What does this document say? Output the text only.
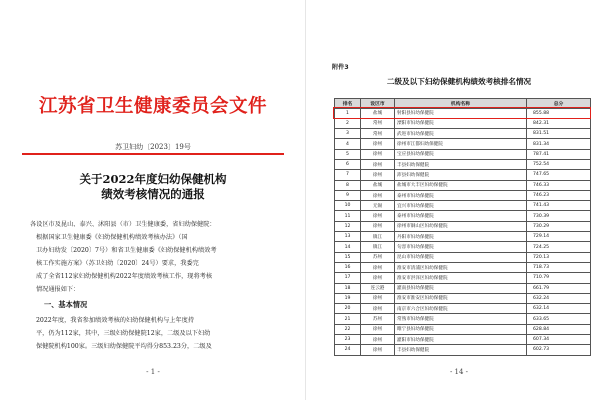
江苏省卫生健康委员会文件
苏卫妇幼〔2023〕19号
关于2022年度妇幼保健机构
绩效考核情况的通报
各设区市及昆山、泰兴、沭阳县（市）卫生健康委，省妇幼保健院：
根据国家卫生健康委《妇幼保健机构绩效考核办法》（国
卫办妇幼发〔2020〕7号）和省卫生健康委《妇幼保健机构绩效考
核工作实施方案》（苏卫妇幼〔2020〕24号）要求，我委完
成了全省112家妇幼保健机构2022年度绩效考核工作，现将考核
情况通报如下：
一、基本情况
2022年度，我省参加绩效考核的妇幼保健机构与上年度持
平，仍为112家，其中，三级妇幼保健院12家，二级及以下妇幼
保健院机构100家。三级妇幼保健院平均得分853.23分，二级及
- 1 -
附件3
二级及以下妇幼保健机构绩效考核排名情况
排名	设区市	机构名称	总分
1	盐城	射阳县妇幼保健院	855.88
2	常州	溧阳市妇幼保健院	842.31
3	常州	武进市妇幼保健院	831.51
4	徐州	徐州市江都妇幼保健院	831.34
5	徐州	宝应县妇幼保健院	787.41
6	徐州	丰县妇幼保健院	752.54
7	徐州	沛县妇幼保健院	747.65
8	盐城	盐城市大丰区妇幼保健院	746.33
9	徐州	泰州市妇幼保健院	746.23
10	无锡	宜兴市妇幼保健院	741.43
11	徐州	泰州市妇幼保健院	730.39
12	徐州	徐州市铜山区妇幼保健院	730.29
13	镇江	丹阳市妇幼保健院	729.14
14	镇江	句容市妇幼保健院	724.25
15	苏州	昆山市妇幼保健院	720.13
16	徐州	淮安市清浦区妇幼保健院	718.73
17	徐州	淮安市洪泽区妇幼保健院	710.79
18	连云港	灌南县妇幼保健院	661.79
19	徐州	淮安市淮安区妇幼保健院	632.24
20	徐州	南京市六合区妇幼保健院	632.14
21	苏州	常熟市妇幼保健院	633.65
22	徐州	睢宁县妇幼保健院	628.84
23	徐州	灌阳市妇幼保健院	607.34
24	徐州	丰县妇幼保健院	602.73
- 14 -
